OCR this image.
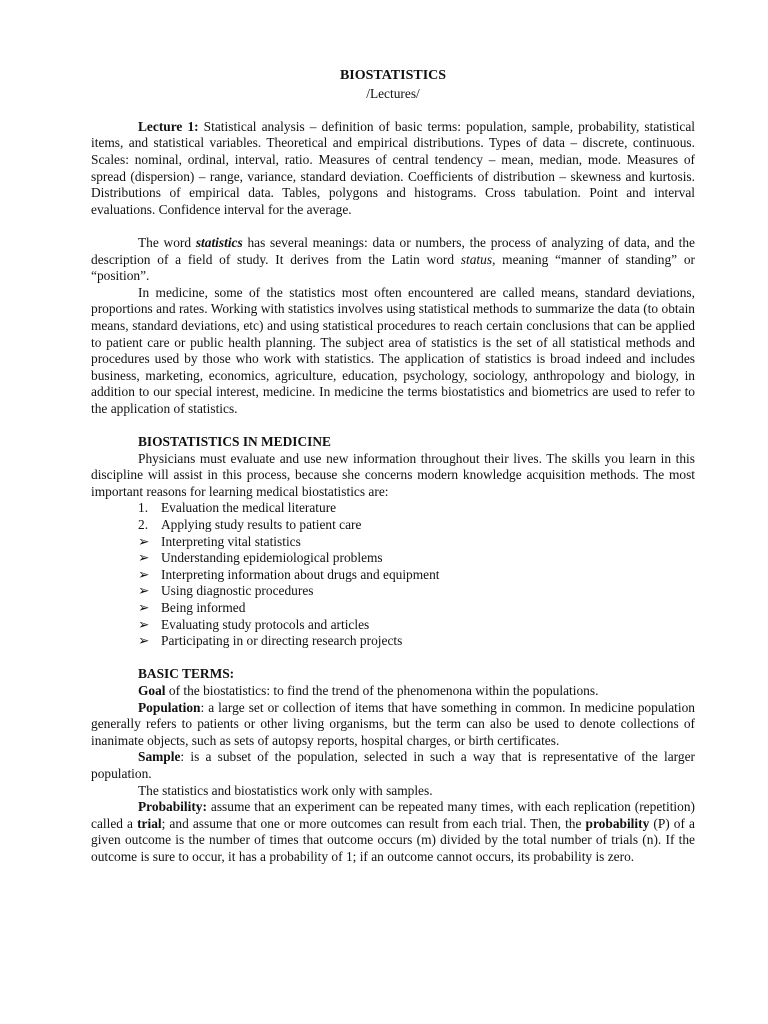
BIOSTATISTICS
/Lectures/

Lecture 1: Statistical analysis – definition of basic terms: population, sample, probability, statistical items, and statistical variables. Theoretical and empirical distributions. Types of data – discrete, continuous. Scales: nominal, ordinal, interval, ratio. Measures of central tendency – mean, median, mode. Measures of spread (dispersion) – range, variance, standard deviation. Coefficients of distribution – skewness and kurtosis. Distributions of empirical data. Tables, polygons and histograms. Cross tabulation. Point and interval evaluations. Confidence interval for the average.

The word statistics has several meanings: data or numbers, the process of analyzing of data, and the description of a field of study. It derives from the Latin word status, meaning “manner of standing” or “position”.

In medicine, some of the statistics most often encountered are called means, standard deviations, proportions and rates. Working with statistics involves using statistical methods to summarize the data (to obtain means, standard deviations, etc) and using statistical procedures to reach certain conclusions that can be applied to patient care or public health planning. The subject area of statistics is the set of all statistical methods and procedures used by those who work with statistics. The application of statistics is broad indeed and includes business, marketing, economics, agriculture, education, psychology, sociology, anthropology and biology, in addition to our special interest, medicine. In medicine the terms biostatistics and biometrics are used to refer to the application of statistics.

BIOSTATISTICS IN MEDICINE

Physicians must evaluate and use new information throughout their lives. The skills you learn in this discipline will assist in this process, because she concerns modern knowledge acquisition methods. The most important reasons for learning medical biostatistics are:

1. Evaluation the medical literature
2. Applying study results to patient care
➢ Interpreting vital statistics
➢ Understanding epidemiological problems
➢ Interpreting information about drugs and equipment
➢ Using diagnostic procedures
➢ Being informed
➢ Evaluating study protocols and articles
➢ Participating in or directing research projects
BASIC TERMS:

Goal of the biostatistics: to find the trend of the phenomenona within the populations.

Population: a large set or collection of items that have something in common. In medicine population generally refers to patients or other living organisms, but the term can also be used to denote collections of inanimate objects, such as sets of autopsy reports, hospital charges, or birth certificates.

Sample: is a subset of the population, selected in such a way that is representative of the larger population.

The statistics and biostatistics work only with samples.

Probability: assume that an experiment can be repeated many times, with each replication (repetition) called a trial; and assume that one or more outcomes can result from each trial. Then, the probability (P) of a given outcome is the number of times that outcome occurs (m) divided by the total number of trials (n). If the outcome is sure to occur, it has a probability of 1; if an outcome cannot occurs, its probability is zero.
